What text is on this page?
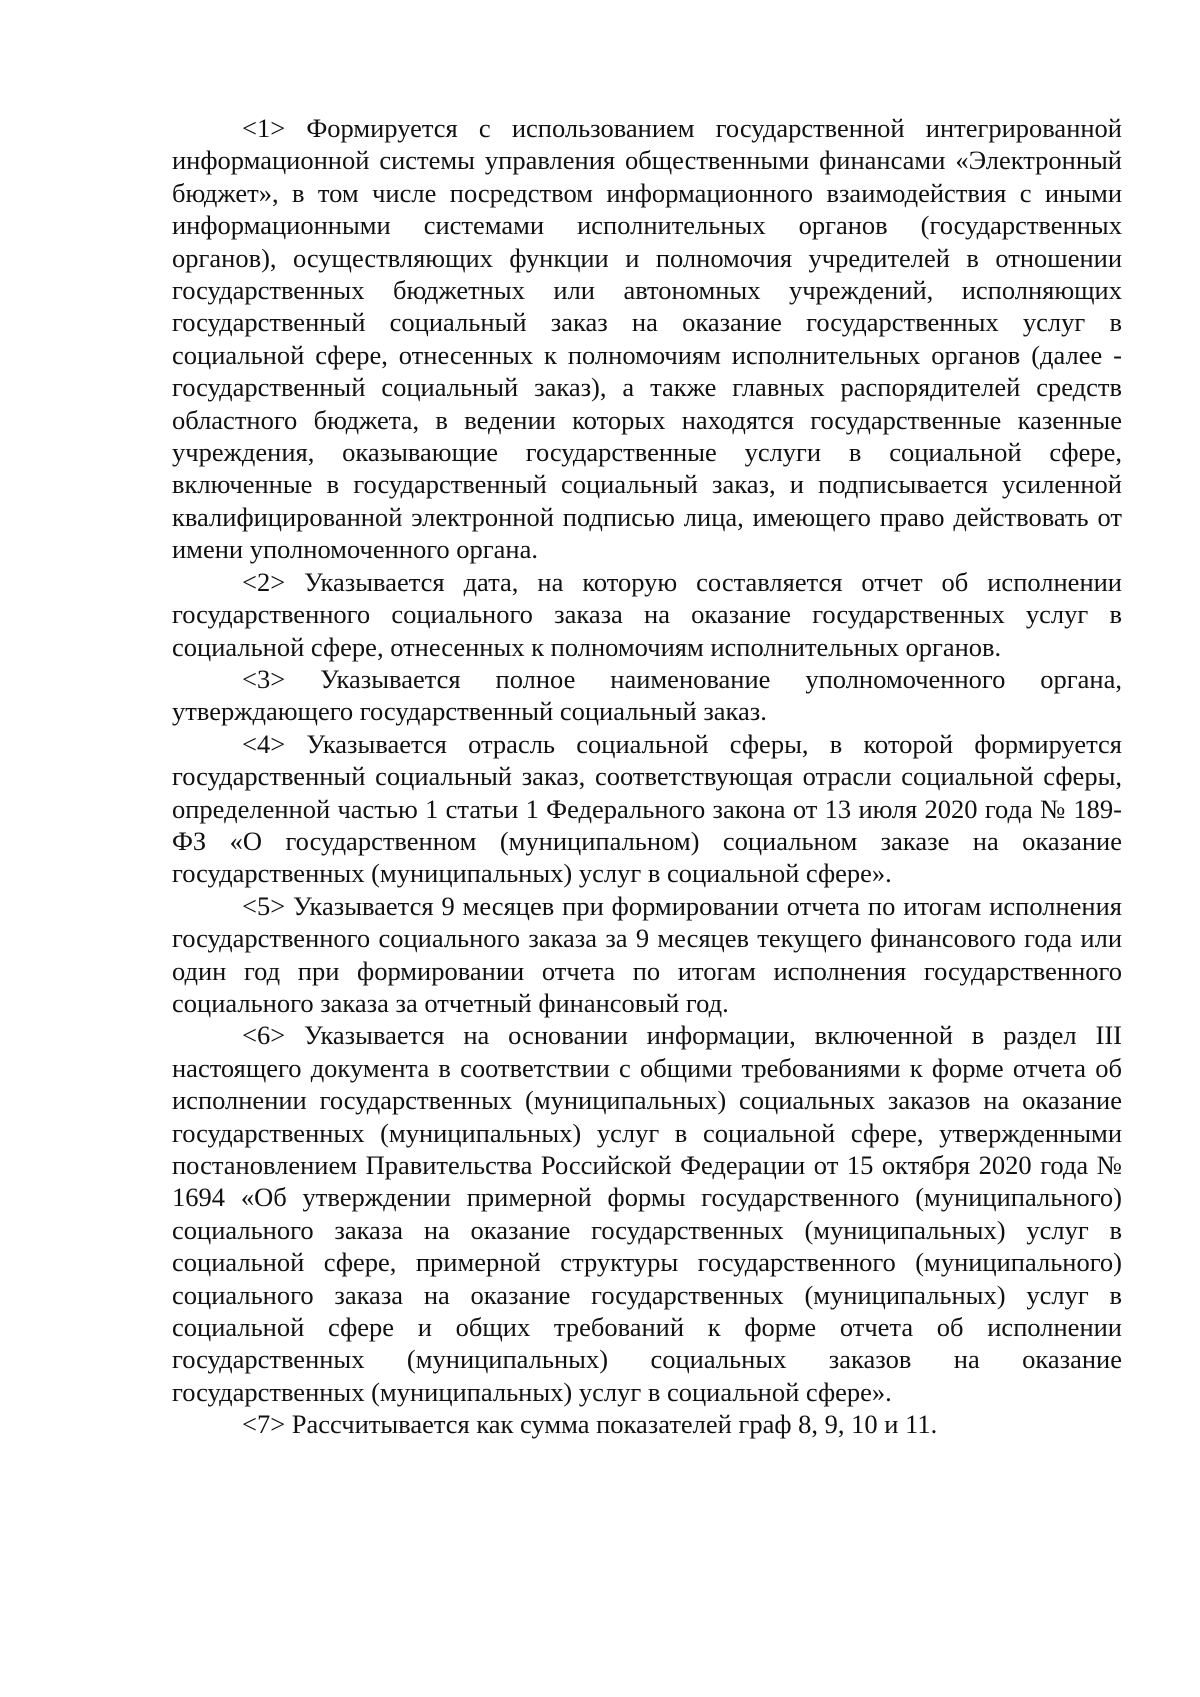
<1> Формируется с использованием государственной интегрированной информационной системы управления общественными финансами «Электронный бюджет», в том числе посредством информационного взаимодействия с иными информационными системами исполнительных органов (государственных органов), осуществляющих функции и полномочия учредителей в отношении государственных бюджетных или автономных учреждений, исполняющих государственный социальный заказ на оказание государственных услуг в социальной сфере, отнесенных к полномочиям исполнительных органов (далее - государственный социальный заказ), а также главных распорядителей средств областного бюджета, в ведении которых находятся государственные казенные учреждения, оказывающие государственные услуги в социальной сфере, включенные в государственный социальный заказ, и подписывается усиленной квалифицированной электронной подписью лица, имеющего право действовать от имени уполномоченного органа.

<2> Указывается дата, на которую составляется отчет об исполнении государственного социального заказа на оказание государственных услуг в социальной сфере, отнесенных к полномочиям исполнительных органов.

<3> Указывается полное наименование уполномоченного органа, утверждающего государственный социальный заказ.

<4> Указывается отрасль социальной сферы, в которой формируется государственный социальный заказ, соответствующая отрасли социальной сферы, определенной частью 1 статьи 1 Федерального закона от 13 июля 2020 года № 189-ФЗ «О государственном (муниципальном) социальном заказе на оказание государственных (муниципальных) услуг в социальной сфере».

<5> Указывается 9 месяцев при формировании отчета по итогам исполнения государственного социального заказа за 9 месяцев текущего финансового года или один год при формировании отчета по итогам исполнения государственного социального заказа за отчетный финансовый год.

<6> Указывается на основании информации, включенной в раздел III настоящего документа в соответствии с общими требованиями к форме отчета об исполнении государственных (муниципальных) социальных заказов на оказание государственных (муниципальных) услуг в социальной сфере, утвержденными постановлением Правительства Российской Федерации от 15 октября 2020 года № 1694 «Об утверждении примерной формы государственного (муниципального) социального заказа на оказание государственных (муниципальных) услуг в социальной сфере, примерной структуры государственного (муниципального) социального заказа на оказание государственных (муниципальных) услуг в социальной сфере и общих требований к форме отчета об исполнении государственных (муниципальных) социальных заказов на оказание государственных (муниципальных) услуг в социальной сфере».

<7> Рассчитывается как сумма показателей граф 8, 9, 10 и 11.
